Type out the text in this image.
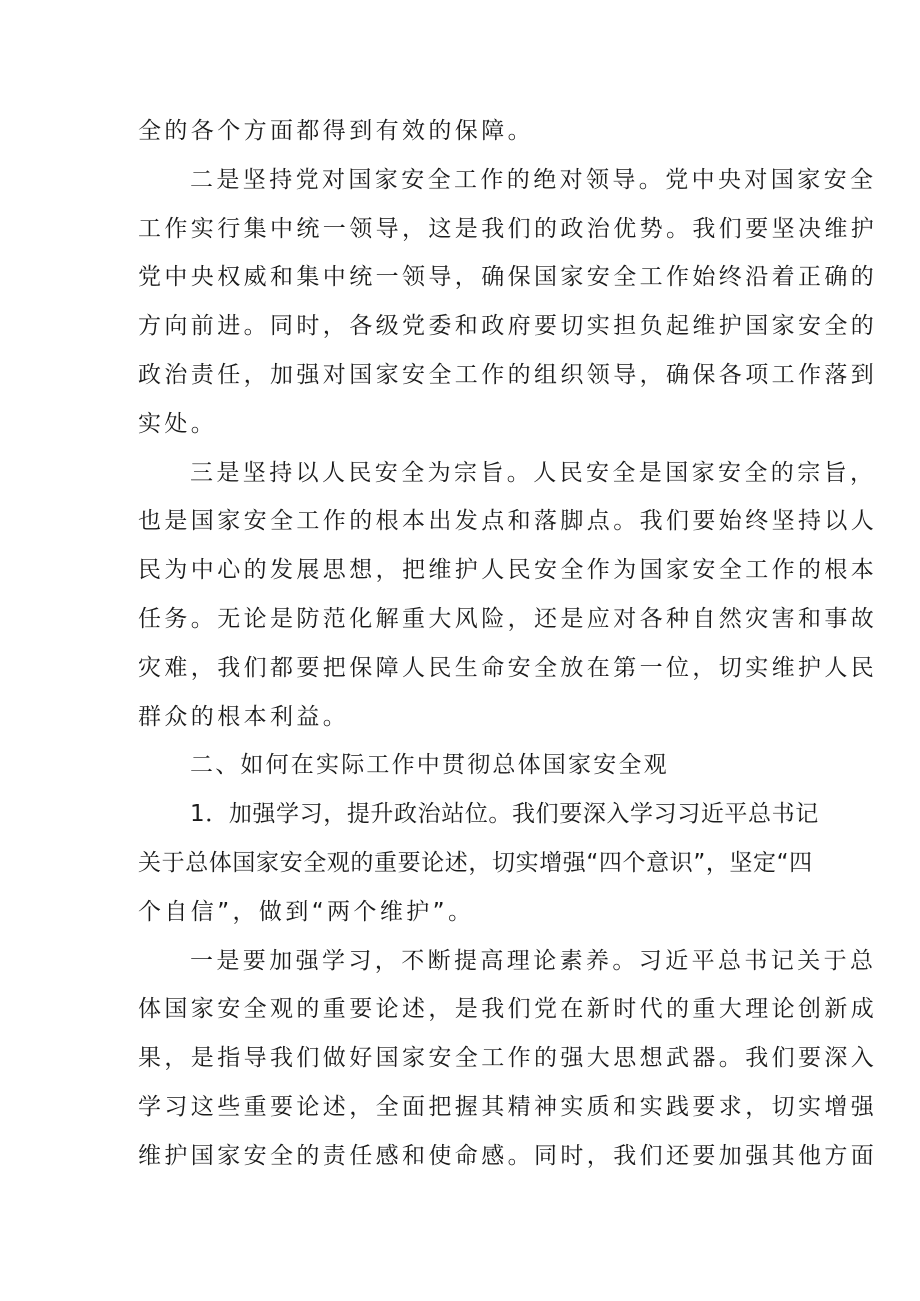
全的各个方面都得到有效的保障。
二是坚持党对国家安全工作的绝对领导。党中央对国家安全
工作实行集中统一领导，这是我们的政治优势。我们要坚决维护
党中央权威和集中统一领导，确保国家安全工作始终沿着正确的
方向前进。同时，各级党委和政府要切实担负起维护国家安全的
政治责任，加强对国家安全工作的组织领导，确保各项工作落到
实处。
三是坚持以人民安全为宗旨。人民安全是国家安全的宗旨，
也是国家安全工作的根本出发点和落脚点。我们要始终坚持以人
民为中心的发展思想，把维护人民安全作为国家安全工作的根本
任务。无论是防范化解重大风险，还是应对各种自然灾害和事故
灾难，我们都要把保障人民生命安全放在第一位，切实维护人民
群众的根本利益。
二、如何在实际工作中贯彻总体国家安全观
1．加强学习，提升政治站位。我们要深入学习习近平总书记
关于总体国家安全观的重要论述，切实增强“四个意识”，坚定“四
个自信”，做到“两个维护”。
一是要加强学习，不断提高理论素养。习近平总书记关于总
体国家安全观的重要论述，是我们党在新时代的重大理论创新成
果，是指导我们做好国家安全工作的强大思想武器。我们要深入
学习这些重要论述，全面把握其精神实质和实践要求，切实增强
维护国家安全的责任感和使命感。同时，我们还要加强其他方面
